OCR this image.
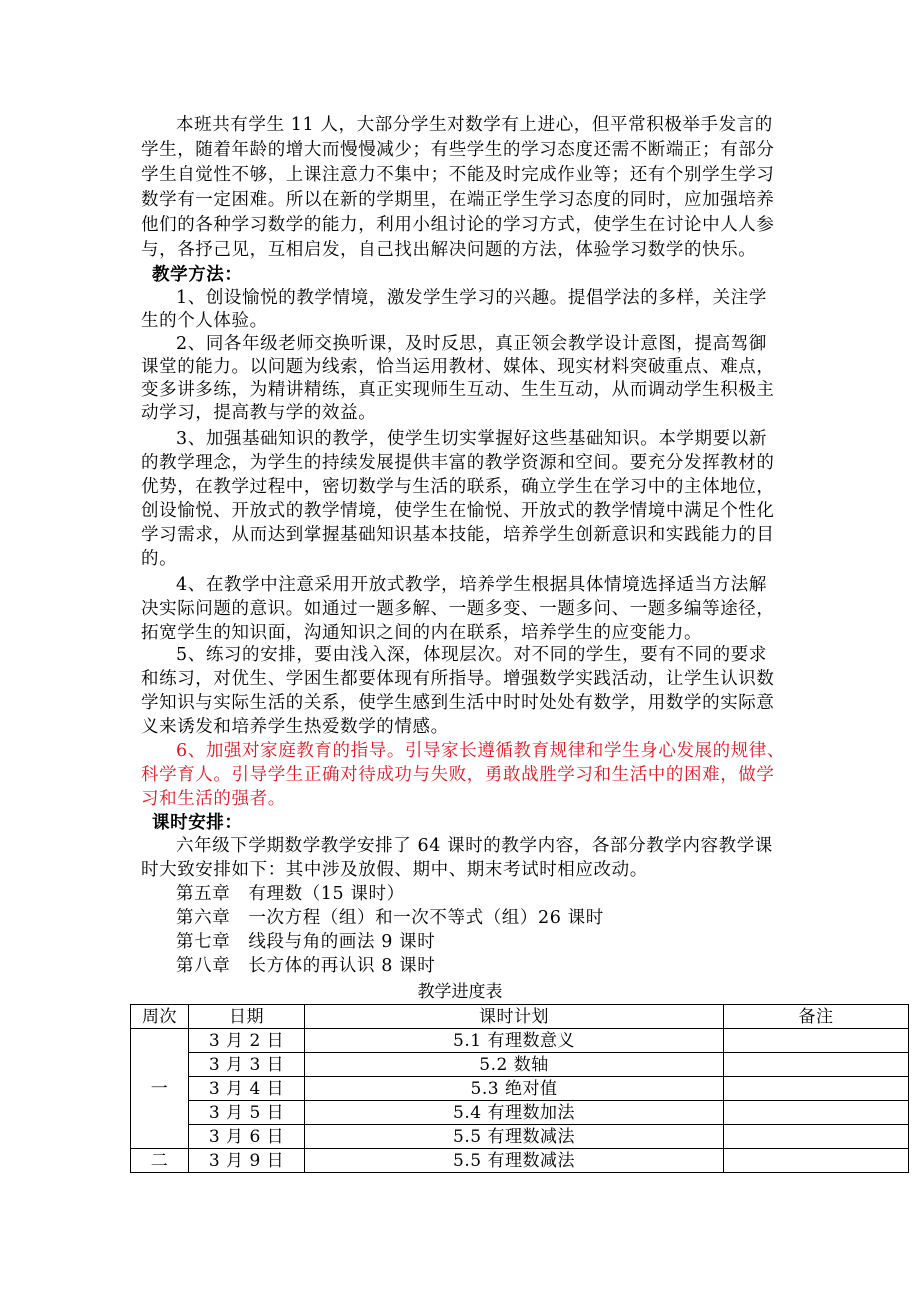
本班共有学生 11 人，大部分学生对数学有上进心，但平常积极举手发言的
学生，随着年龄的增大而慢慢减少；有些学生的学习态度还需不断端正；有部分
学生自觉性不够，上课注意力不集中；不能及时完成作业等；还有个别学生学习
数学有一定困难。所以在新的学期里，在端正学生学习态度的同时，应加强培养
他们的各种学习数学的能力，利用小组讨论的学习方式，使学生在讨论中人人参
与，各抒己见，互相启发，自己找出解决问题的方法，体验学习数学的快乐。
教学方法：
1、创设愉悦的教学情境，激发学生学习的兴趣。提倡学法的多样，关注学
生的个人体验。
2、同各年级老师交换听课，及时反思，真正领会教学设计意图，提高驾御
课堂的能力。以问题为线索，恰当运用教材、媒体、现实材料突破重点、难点，
变多讲多练，为精讲精练，真正实现师生互动、生生互动，从而调动学生积极主
动学习，提高教与学的效益。
3、加强基础知识的教学，使学生切实掌握好这些基础知识。本学期要以新
的教学理念，为学生的持续发展提供丰富的教学资源和空间。要充分发挥教材的
优势，在教学过程中，密切数学与生活的联系，确立学生在学习中的主体地位，
创设愉悦、开放式的教学情境，使学生在愉悦、开放式的教学情境中满足个性化
学习需求，从而达到掌握基础知识基本技能，培养学生创新意识和实践能力的目
的。
4、在教学中注意采用开放式教学，培养学生根据具体情境选择适当方法解
决实际问题的意识。如通过一题多解、一题多变、一题多问、一题多编等途径，
拓宽学生的知识面，沟通知识之间的内在联系，培养学生的应变能力。
5、练习的安排，要由浅入深，体现层次。对不同的学生，要有不同的要求
和练习，对优生、学困生都要体现有所指导。增强数学实践活动，让学生认识数
学知识与实际生活的关系，使学生感到生活中时时处处有数学，用数学的实际意
义来诱发和培养学生热爱数学的情感。
6、加强对家庭教育的指导。引导家长遵循教育规律和学生身心发展的规律、
科学育人。引导学生正确对待成功与失败，勇敢战胜学习和生活中的困难，做学
习和生活的强者。
课时安排：
六年级下学期数学教学安排了 64 课时的教学内容，各部分教学内容教学课
时大致安排如下：其中涉及放假、期中、期末考试时相应改动。
第五章　有理数（15 课时）
第六章　一次方程（组）和一次不等式（组）26 课时
第七章　线段与角的画法 9 课时
第八章　长方体的再认识 8 课时
教学进度表
周次	日期	课时计划	备注
一	3 月 2 日	5.1 有理数意义	
	3 月 3 日	5.2 数轴	
	3 月 4 日	5.3 绝对值	
	3 月 5 日	5.4 有理数加法	
	3 月 6 日	5.5 有理数减法	
二	3 月 9 日	5.5 有理数减法	
